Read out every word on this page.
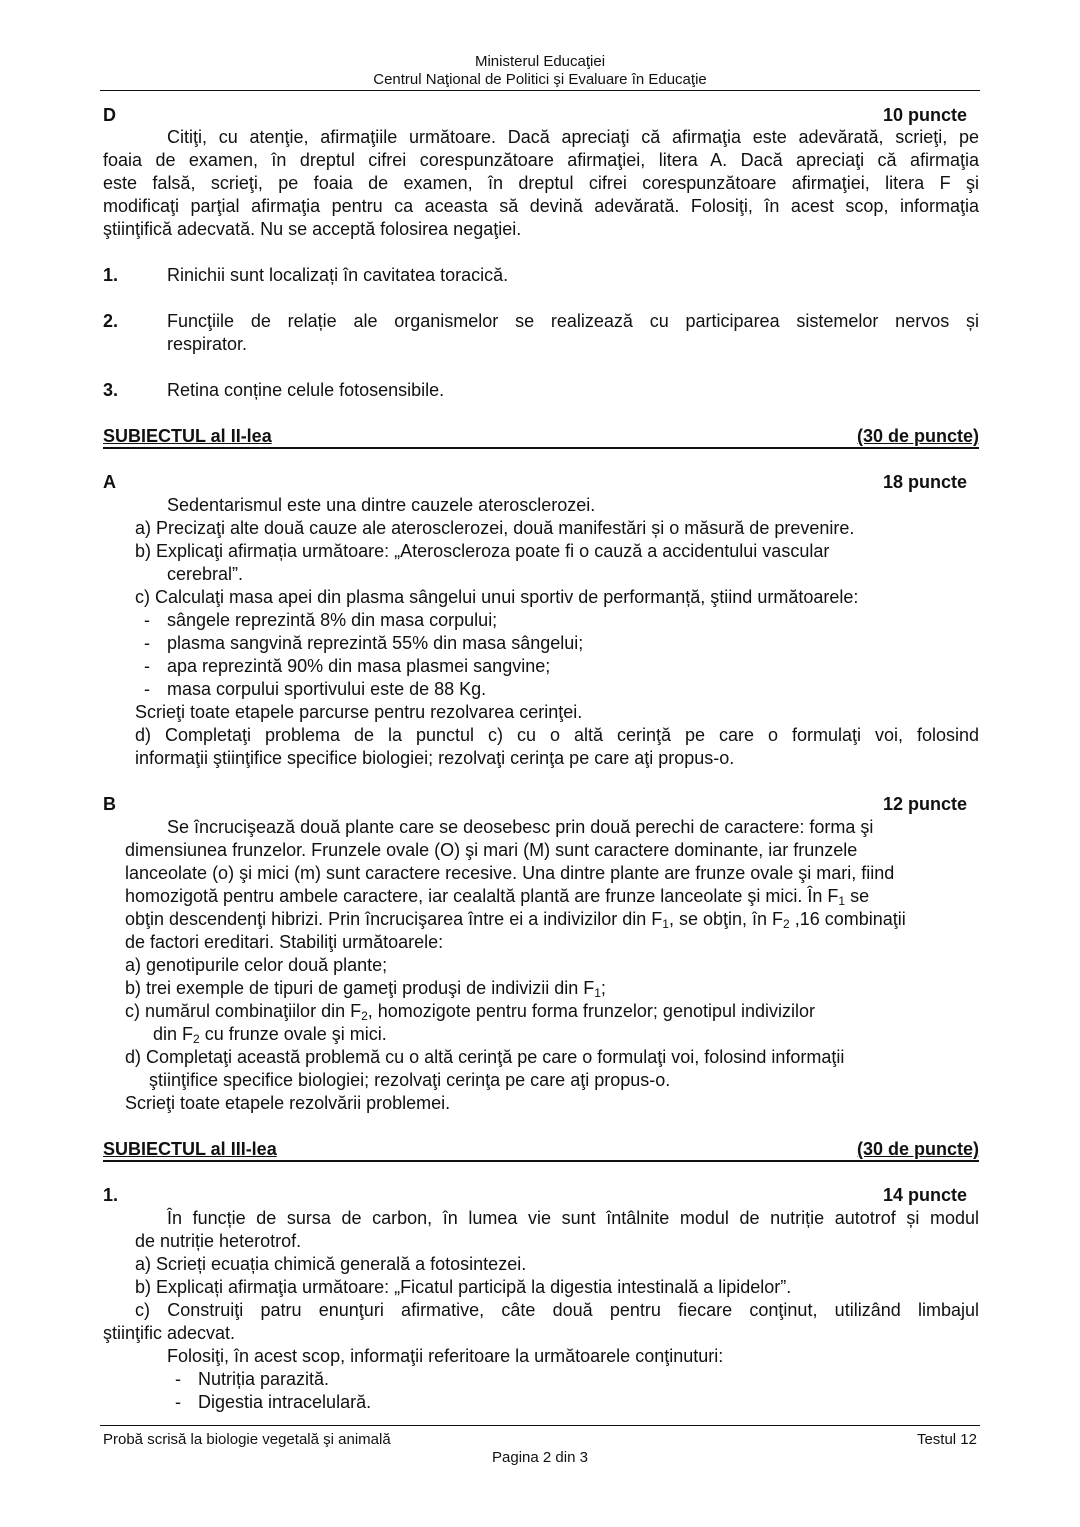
Ministerul Educaţiei
Centrul Naţional de Politici şi Evaluare în Educaţie
D	10 puncte
Citiţi, cu atenţie, afirmaţiile următoare. Dacă apreciaţi că afirmaţia este adevărată, scrieţi, pe
foaia de examen, în dreptul cifrei corespunzătoare afirmaţiei, litera A. Dacă apreciaţi că afirmaţia
este falsă, scrieţi, pe foaia de examen, în dreptul cifrei corespunzătoare afirmaţiei, litera F şi
modificaţi parţial afirmaţia pentru ca aceasta să devină adevărată. Folosiţi, în acest scop, informaţia
ştiinţifică adecvată. Nu se acceptă folosirea negaţiei.
1.	Rinichii sunt localizați în cavitatea toracică.
2.	Funcţiile de relație ale organismelor se realizează cu participarea sistemelor nervos și
respirator.
3.	Retina conține celule fotosensibile.
SUBIECTUL al II-lea	(30 de puncte)
A	18 puncte
Sedentarismul este una dintre cauzele aterosclerozei.
a) Precizaţi alte două cauze ale aterosclerozei, două manifestări și o măsură de prevenire.
b) Explicaţi afirmația următoare: „Ateroscleroza poate fi o cauză a accidentului vascular
cerebral”.
c) Calculaţi masa apei din plasma sângelui unui sportiv de performanță, ştiind următoarele:
- sângele reprezintă 8% din masa corpului;
- plasma sangvină reprezintă 55% din masa sângelui;
- apa reprezintă 90% din masa plasmei sangvine;
- masa corpului sportivului este de 88 Kg.
Scrieţi toate etapele parcurse pentru rezolvarea cerinţei.
d) Completaţi problema de la punctul c) cu o altă cerinţă pe care o formulaţi voi, folosind
informaţii ştiinţifice specifice biologiei; rezolvaţi cerinţa pe care aţi propus-o.
B	12 puncte
Se încrucişează două plante care se deosebesc prin două perechi de caractere: forma şi
dimensiunea frunzelor. Frunzele ovale (O) şi mari (M) sunt caractere dominante, iar frunzele
lanceolate (o) şi mici (m) sunt caractere recesive. Una dintre plante are frunze ovale şi mari, fiind
homozigotă pentru ambele caractere, iar cealaltă plantă are frunze lanceolate şi mici. În $F_1$ se
obţin descendenţi hibrizi. Prin încrucişarea între ei a indivizilor din $F_1$, se obţin, în $F_2$ ,16 combinaţii
de factori ereditari. Stabiliţi următoarele:
a) genotipurile celor două plante;
b) trei exemple de tipuri de gameţi produşi de indivizii din $F_1$;
c) numărul combinaţiilor din $F_2$, homozigote pentru forma frunzelor; genotipul indivizilor
din $F_2$ cu frunze ovale şi mici.
d) Completaţi această problemă cu o altă cerinţă pe care o formulaţi voi, folosind informaţii
ştiinţifice specifice biologiei; rezolvaţi cerinţa pe care aţi propus-o.
Scrieţi toate etapele rezolvării problemei.
SUBIECTUL al III-lea	(30 de puncte)
1.	14 puncte
În funcție de sursa de carbon, în lumea vie sunt întâlnite modul de nutriție autotrof și modul
de nutriție heterotrof.
a) Scrieți ecuația chimică generală a fotosintezei.
b) Explicați afirmaţia următoare: „Ficatul participă la digestia intestinală a lipidelor”.
c) Construiţi patru enunţuri afirmative, câte două pentru fiecare conţinut, utilizând limbajul
ştiinţific adecvat.
Folosiţi, în acest scop, informaţii referitoare la următoarele conţinuturi:
- Nutriția parazită.
- Digestia intracelulară.
Probă scrisă la biologie vegetală şi animală	Testul 12
Pagina 2 din 3
